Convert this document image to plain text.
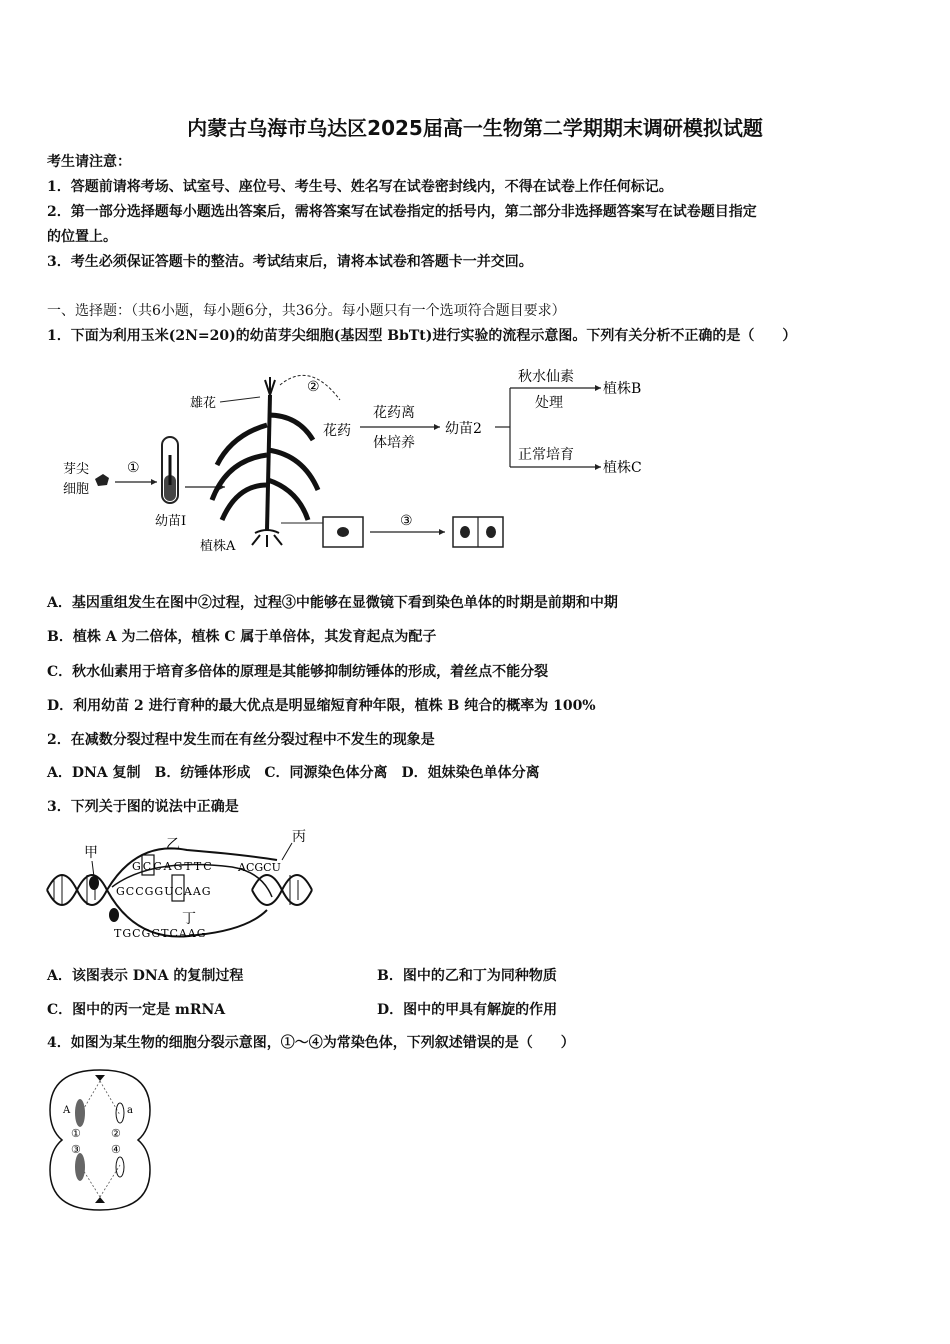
内蒙古乌海市乌达区2025届高一生物第二学期期末调研模拟试题
考生请注意：
1．答题前请将考场、试室号、座位号、考生号、姓名写在试卷密封线内，不得在试卷上作任何标记。
2．第一部分选择题每小题选出答案后，需将答案写在试卷指定的括号内，第二部分非选择题答案写在试卷题目指定
的位置上。
3．考生必须保证答题卡的整洁。考试结束后，请将本试卷和答题卡一并交回。
一、选择题：（共6小题，每小题6分，共36分。每小题只有一个选项符合题目要求）
1．下面为利用玉米(2N=20)的幼苗芽尖细胞(基因型 BbTt)进行实验的流程示意图。下列有关分析不正确的是（　　）
芽尖
细胞
①
幼苗Ⅰ
雄花
植株A
②
花药
花药离
体培养
幼苗2
秋水仙素
处理
植株B
正常培育
植株C
③
A．基因重组发生在图中②过程，过程③中能够在显微镜下看到染色单体的时期是前期和中期
B．植株 A 为二倍体，植株 C 属于单倍体，其发育起点为配子
C．秋水仙素用于培育多倍体的原理是其能够抑制纺锤体的形成，着丝点不能分裂
D．利用幼苗 2 进行育种的最大优点是明显缩短育种年限，植株 B 纯合的概率为 100%
2．在减数分裂过程中发生而在有丝分裂过程中不发生的现象是
A．DNA 复制　B．纺锤体形成　C．同源染色体分离　D．姐妹染色单体分离
3．下列关于图的说法中正确是
甲	乙
丁
丙
GCCAGTTC
GCCGGUCAAG
TGCGGTCAAG
ACGCU
A．该图表示 DNA 的复制过程	B．图中的乙和丁为同种物质
C．图中的丙一定是 mRNA	D．图中的甲具有解旋的作用
4．如图为某生物的细胞分裂示意图，①～④为常染色体，下列叙述错误的是（　　）
A	a
①	②
③	④
